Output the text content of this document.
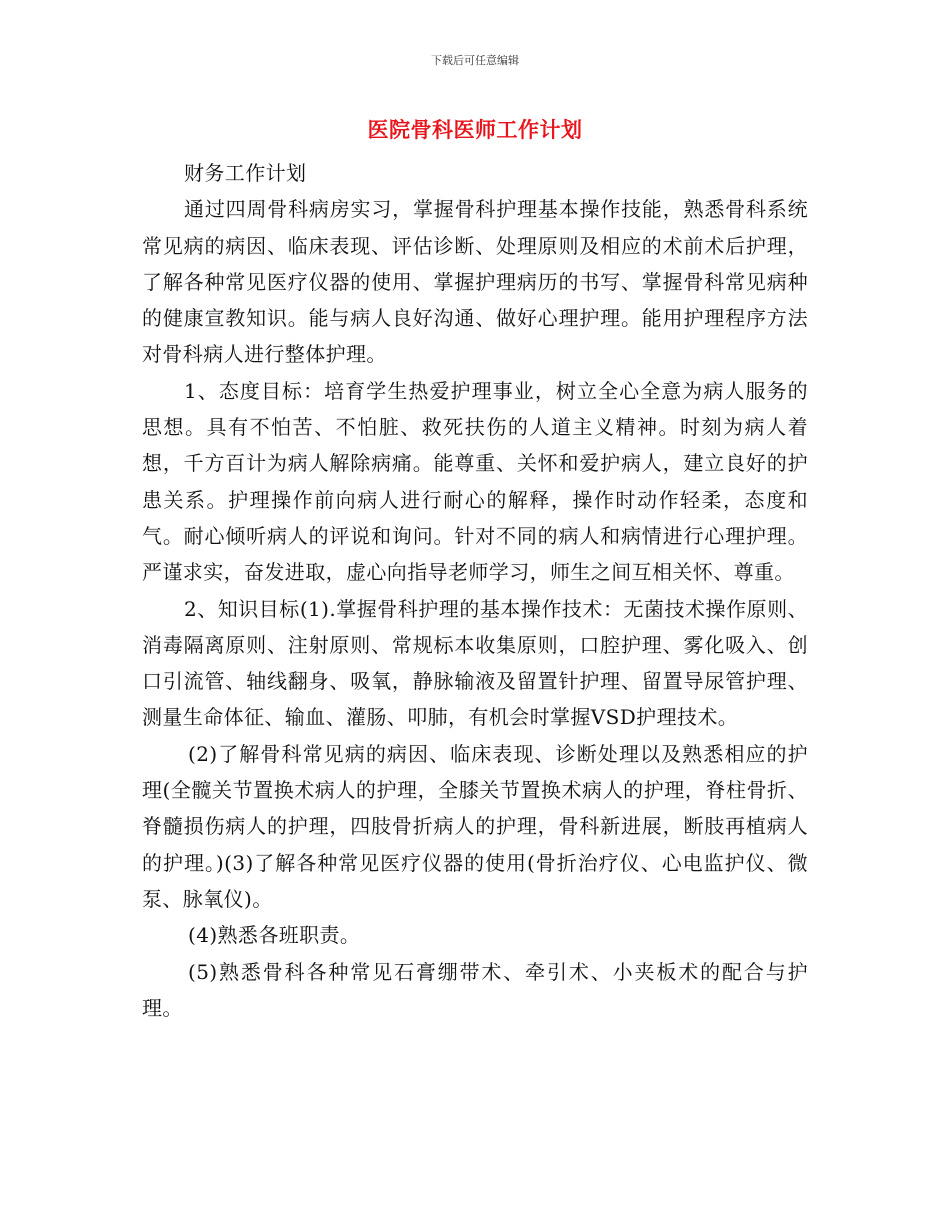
下载后可任意编辑
医院骨科医师工作计划

财务工作计划

通过四周骨科病房实习，掌握骨科护理基本操作技能，熟悉骨科系统常见病的病因、临床表现、评估诊断、处理原则及相应的术前术后护理，了解各种常见医疗仪器的使用、掌握护理病历的书写、掌握骨科常见病种的健康宣教知识。能与病人良好沟通、做好心理护理。能用护理程序方法对骨科病人进行整体护理。

1、态度目标：培育学生热爱护理事业，树立全心全意为病人服务的思想。具有不怕苦、不怕脏、救死扶伤的人道主义精神。时刻为病人着想，千方百计为病人解除病痛。能尊重、关怀和爱护病人，建立良好的护患关系。护理操作前向病人进行耐心的解释，操作时动作轻柔，态度和气。耐心倾听病人的评说和询问。针对不同的病人和病情进行心理护理。严谨求实，奋发进取，虚心向指导老师学习，师生之间互相关怀、尊重。

2、知识目标(1).掌握骨科护理的基本操作技术：无菌技术操作原则、消毒隔离原则、注射原则、常规标本收集原则，口腔护理、雾化吸入、创口引流管、轴线翻身、吸氧，静脉输液及留置针护理、留置导尿管护理、测量生命体征、输血、灌肠、叩肺，有机会时掌握VSD护理技术。

(2)了解骨科常见病的病因、临床表现、诊断处理以及熟悉相应的护理(全髋关节置换术病人的护理，全膝关节置换术病人的护理，脊柱骨折、脊髓损伤病人的护理，四肢骨折病人的护理，骨科新进展，断肢再植病人的护理。)(3)了解各种常见医疗仪器的使用(骨折治疗仪、心电监护仪、微泵、脉氧仪)。

(4)熟悉各班职责。

(5)熟悉骨科各种常见石膏绷带术、牵引术、小夹板术的配合与护理。
